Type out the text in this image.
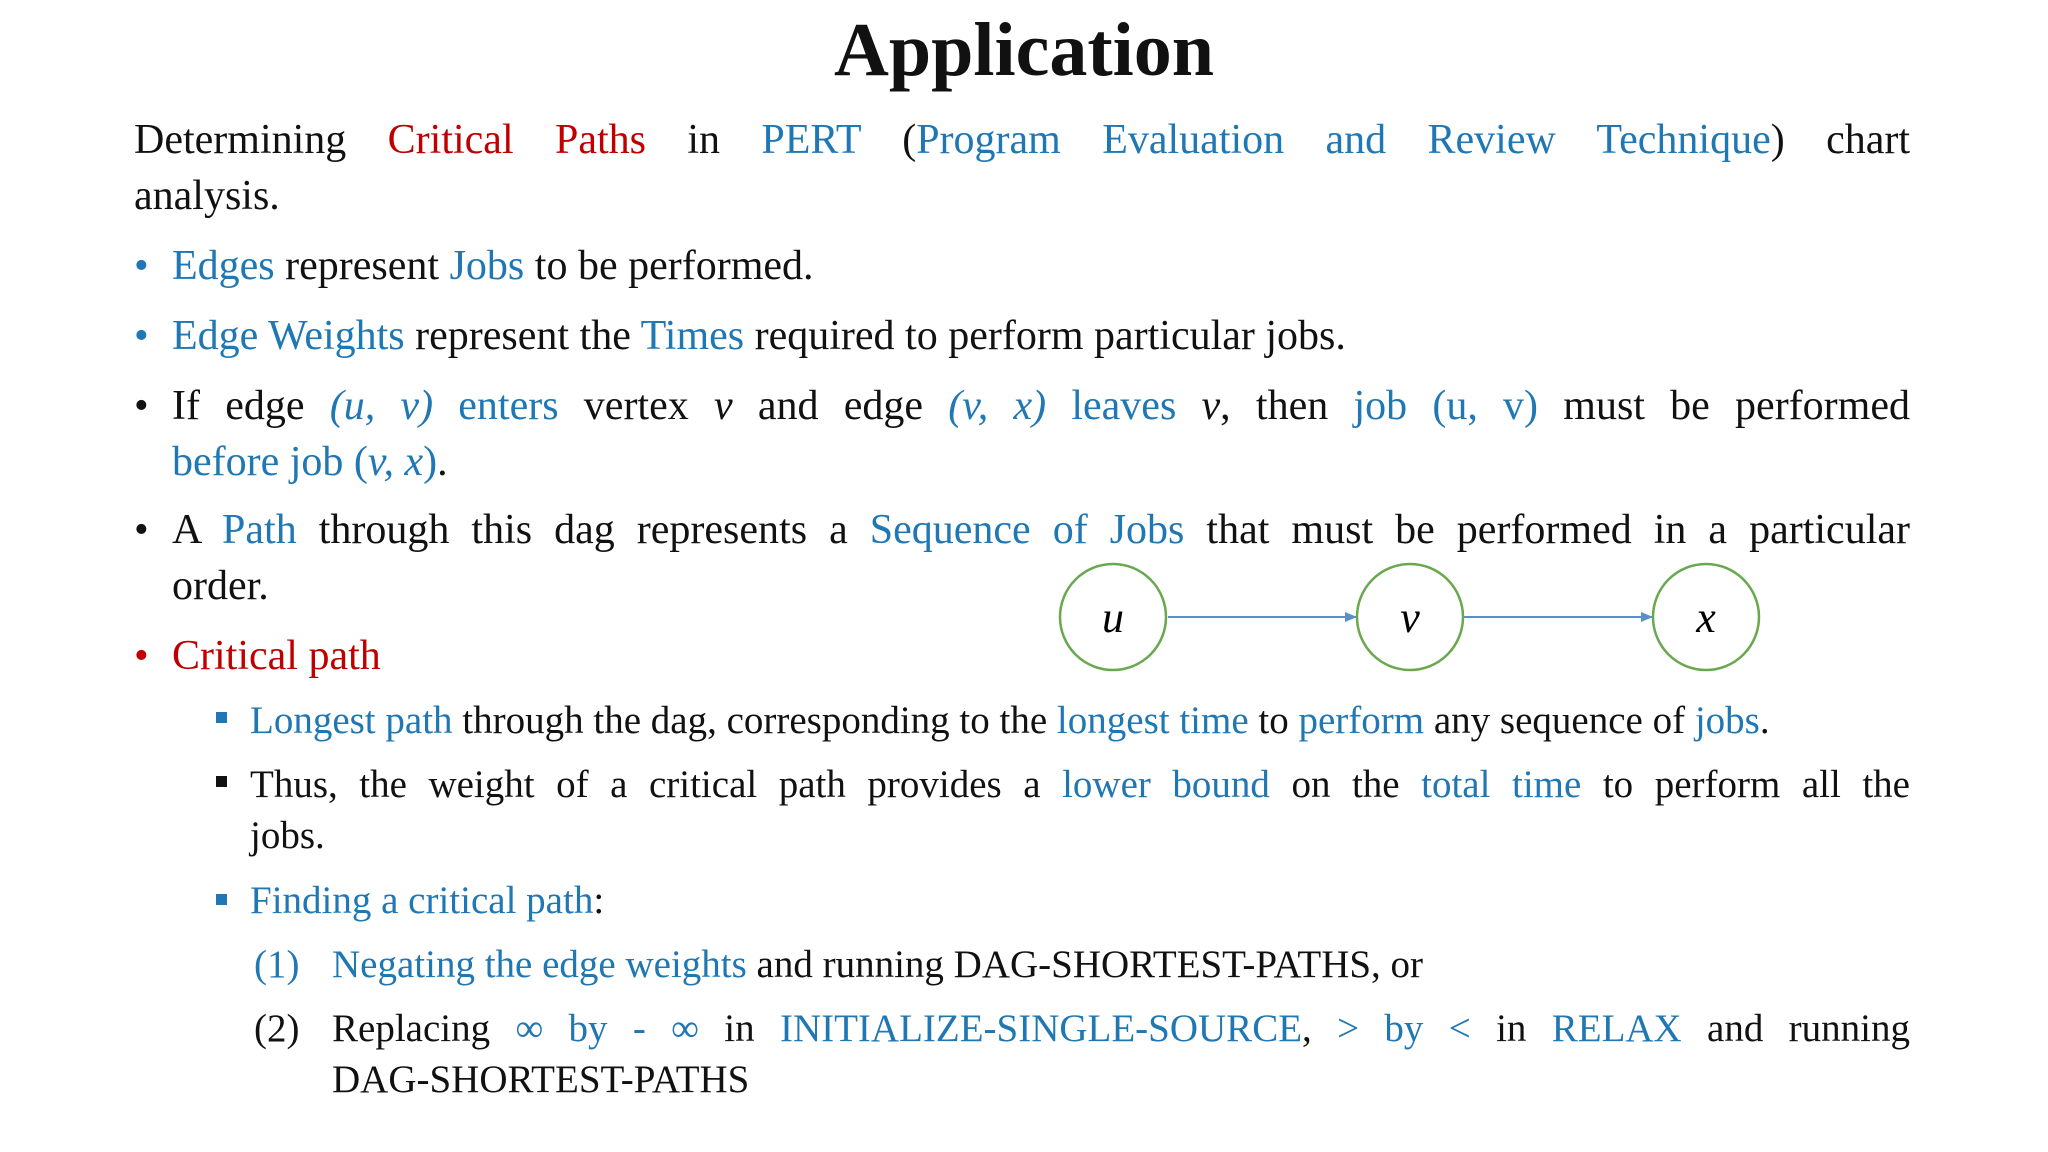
Application
Determining Critical Paths in PERT (Program Evaluation and Review Technique) chart
analysis.
• Edges represent Jobs to be performed.
• Edge Weights represent the Times required to perform particular jobs.
• If edge (u, v) enters vertex v and edge (v, x) leaves v, then job (u, v) must be performed
before job (v, x).
• A Path through this dag represents a Sequence of Jobs that must be performed in a particular
order.
u	v	x
• Critical path
Longest path through the dag, corresponding to the longest time to perform any sequence of jobs.
Thus, the weight of a critical path provides a lower bound on the total time to perform all the
jobs.
Finding a critical path:
(1) Negating the edge weights and running DAG-SHORTEST-PATHS, or
(2) Replacing ∞ by - ∞ in INITIALIZE-SINGLE-SOURCE, > by < in RELAX and running
DAG-SHORTEST-PATHS
